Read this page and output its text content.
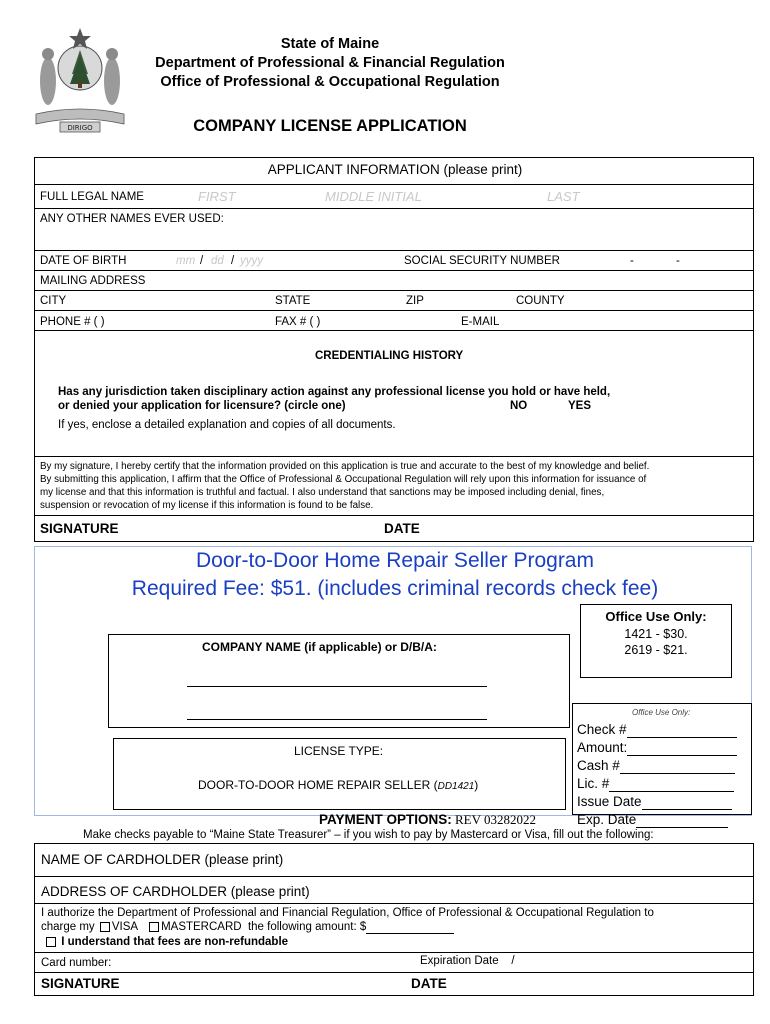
DIRIGO
State of Maine
Department of Professional & Financial Regulation
Office of Professional & Occupational Regulation
COMPANY LICENSE APPLICATION
APPLICANT INFORMATION (please print)
FULL LEGAL NAME	FIRST	MIDDLE INITIAL	LAST
ANY OTHER NAMES EVER USED:
DATE OF BIRTH	mm / dd / yyyy	SOCIAL SECURITY NUMBER	-	-
MAILING ADDRESS
CITY	STATE	ZIP	COUNTY
PHONE # ( )	FAX # ( )	E-MAIL
CREDENTIALING HISTORY
Has any jurisdiction taken disciplinary action against any professional license you hold or have held,
or denied your application for licensure? (circle one)	NO	YES
If yes, enclose a detailed explanation and copies of all documents.
By my signature, I hereby certify that the information provided on this application is true and accurate to the best of my knowledge and belief.
By submitting this application, I affirm that the Office of Professional & Occupational Regulation will rely upon this information for issuance of
my license and that this information is truthful and factual. I also understand that sanctions may be imposed including denial, fines,
suspension or revocation of my license if this information is found to be false.
SIGNATURE	DATE
Door-to-Door Home Repair Seller Program
Required Fee: $51. (includes criminal records check fee)
Office Use Only:
1421 - $30.
2619 - $21.
COMPANY NAME (if applicable) or D/B/A:
Office Use Only:
Check #
Amount:
Cash #
Lic. #
Issue Date
Exp. Date
LICENSE TYPE:
DOOR-TO-DOOR HOME REPAIR SELLER (DD1421)
PAYMENT OPTIONS: REV 03282022
Make checks payable to “Maine State Treasurer” – if you wish to pay by Mastercard or Visa, fill out the following:
NAME OF CARDHOLDER (please print)
ADDRESS OF CARDHOLDER (please print)
I authorize the Department of Professional and Financial Regulation, Office of Professional & Occupational Regulation to
charge my VISA MASTERCARD the following amount: $
I understand that fees are non-refundable
Card number:	Expiration Date /
SIGNATURE	DATE
